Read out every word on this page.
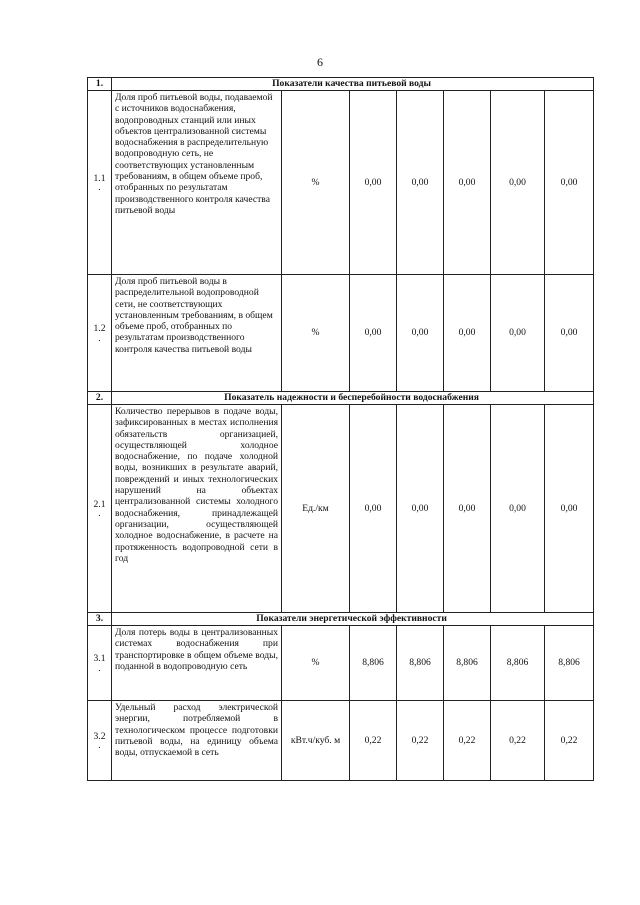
6
1.	Показатели качества питьевой воды						
1.1
.	Доля проб питьевой воды, подаваемой с источников водоснабжения, водопроводных станций или иных объектов централизованной системы водоснабжения в распределительную водопроводную сеть, не соответствующих установленным требованиям, в общем объеме проб, отобранных по результатам производственного контроля качества питьевой воды	%	0,00	0,00	0,00	0,00	0,00
1.2
.	Доля проб питьевой воды в распределительной водопроводной сети, не соответствующих установленным требованиям, в общем объеме проб, отобранных по результатам производственного контроля качества питьевой воды	%	0,00	0,00	0,00	0,00	0,00
2.	Показатель надежности и бесперебойности водоснабжения						
2.1
.	Количество перерывов в подаче воды, зафиксированных в местах исполнения обязательств организацией, осуществляющей холодное водоснабжение, по подаче холодной воды, возникших в результате аварий, повреждений и иных технологических нарушений на объектах централизованной системы холодного водоснабжения, принадлежащей организации, осуществляющей холодное водоснабжение, в расчете на протяженность водопроводной сети в год	Ед./км	0,00	0,00	0,00	0,00	0,00
3.	Показатели энергетической эффективности						
3.1
.	Доля потерь воды в централизованных системах водоснабжения при транспортировке в общем объеме воды, поданной в водопроводную сеть	%	8,806	8,806	8,806	8,806	8,806
3.2
.	Удельный расход электрической энергии, потребляемой в технологическом процессе подготовки питьевой воды, на единицу объема воды, отпускаемой в сеть	кВт.ч/куб. м	0,22	0,22	0,22	0,22	0,22
